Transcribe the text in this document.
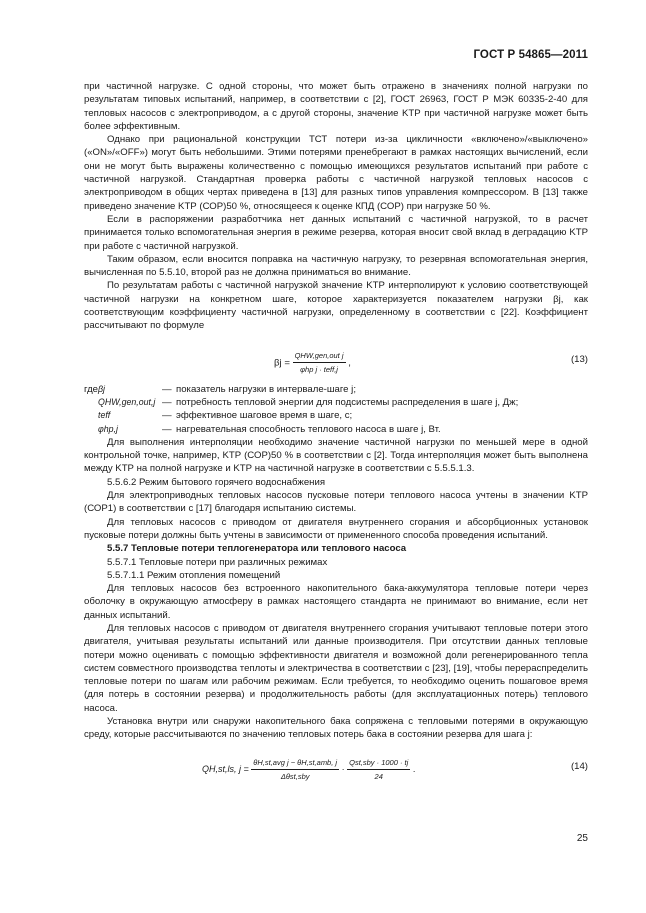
ГОСТ Р 54865—2011

при частичной нагрузке. С одной стороны, что может быть отражено в значениях полной нагрузки по результатам типовых испытаний, например, в соответствии с [2], ГОСТ 26963, ГОСТ Р МЭК 60335-2-40 для тепловых насосов с электроприводом, а с другой стороны, значение KТР при частичной нагрузке может быть более эффективным.

Однако при рациональной конструкции ТСТ потери из-за цикличности «включено»/«выключено» («ON»/«OFF») могут быть небольшими. Этими потерями пренебрегают в рамках настоящих вычислений, если они не могут быть выражены количественно с помощью имеющихся результатов испытаний при работе с частичной нагрузкой. Стандартная проверка работы с частичной нагрузкой тепловых насосов с электроприводом в общих чертах приведена в [13] для разных типов управления компрессором. В [13] также приведено значение KТР (СОР)50 %, относящееся к оценке КПД (СОР) при нагрузке 50 %.

Если в распоряжении разработчика нет данных испытаний с частичной нагрузкой, то в расчет принимается только вспомогательная энергия в режиме резерва, которая вносит свой вклад в деградацию KТР при работе с частичной нагрузкой.

Таким образом, если вносится поправка на частичную нагрузку, то резервная вспомогательная энергия, вычисленная по 5.5.10, второй раз не должна приниматься во внимание.

По результатам работы с частичной нагрузкой значение KТР интерполируют к условию соответствующей частичной нагрузки на конкретном шаге, которое характеризуется показателем нагрузки βj, как соответствующим коэффициенту частичной нагрузки, определенному в соответствии с [22]. Коэффициент рассчитывают по формуле

$\beta j = \frac{\text{QHW,gen,out j}}{\text{φhp j · teff,j}}$ ,	(13)
где βj	— показатель нагрузки в интервале-шаге j;
QHW,gen,out,j — потребность тепловой энергии для подсистемы распределения в шаге j, Дж;
teff	— эффективное шаговое время в шаге, с;
φhp,j	— нагревательная способность теплового насоса в шаге j, Вт.

Для выполнения интерполяции необходимо значение частичной нагрузки по меньшей мере в одной контрольной точке, например, KТР (СОР)50 % в соответствии с [2]. Тогда интерполяция может быть выполнена между KТР на полной нагрузке и KТР на частичной нагрузке в соответствии с 5.5.5.1.3.

5.5.6.2 Режим бытового горячего водоснабжения

Для электроприводных тепловых насосов пусковые потери теплового насоса учтены в значении KТР (СОР1) в соответствии с [17] благодаря испытанию системы.

Для тепловых насосов с приводом от двигателя внутреннего сгорания и абсорбционных установок пусковые потери должны быть учтены в зависимости от примененного способа проведения испытаний.

5.5.7 Тепловые потери теплогенератора или теплового насоса

5.5.7.1 Тепловые потери при различных режимах

5.5.7.1.1 Режим отопления помещений

Для тепловых насосов без встроенного накопительного бака-аккумулятора тепловые потери через оболочку в окружающую атмосферу в рамках настоящего стандарта не принимают во внимание, если нет данных испытаний.

Для тепловых насосов с приводом от двигателя внутреннего сгорания учитывают тепловые потери этого двигателя, учитывая результаты испытаний или данные производителя. При отсутствии данных тепловые потери можно оценивать с помощью эффективности двигателя и возможной доли регенерированного тепла систем совместного производства теплоты и электричества в соответствии с [23], [19], чтобы перераспределить тепловые потери по шагам или рабочим режимам. Если требуется, то необходимо оценить пошаговое время (для потерь в состоянии резерва) и продолжительность работы (для эксплуатационных потерь) теплового насоса.

Установка внутри или снаружи накопительного бака сопряжена с тепловыми потерями в окружающую среду, которые рассчитываются по значению тепловых потерь бака в состоянии резерва для шага j:

QH,st,ls, $j = \frac{\text{θH,st,avg j − θH,st,amb, j}}{\text{Δθst,sby}} \cdot \frac{\text{Qst,sby · 1000 · tj}}{24}$ .	(14)
25
